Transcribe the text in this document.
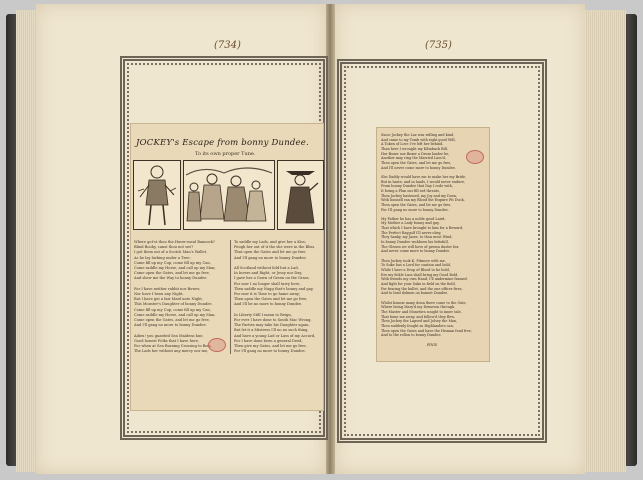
(734)	(735)
JOCKEY's Escape from bonny Dundee.
To its own proper Tune.
Where got'st thou the Haver-meal Bannock?
Blind Booby, canst thou not see?
I got them out of a Scotch Man's Wallet,
As he lay lurking under a Tree:
Come fill up my Cup, come fill up my Can,
Come saddle my Horse, and call up my Man;
Come open the Gates, and let me go free,
And shew me the Way to bonny Dundee.

For I have neither rabbit nor Bower,
Nor have I been any Night,
But I have got a fair Maid unto Night,
This Monster's Daughter of bonny Dundee.
Come fill up my Cup, come fill up my Can,
Come saddle my Horse, and call up my Man,
Come open the Gates, and let me go free,
And I'll gang no more to bonny Dundee.

Adieu! you guarded Sea Maidens hue,
Good honest Folks that I have here,
For when at Sea Burning Crossing to Brig,
The Lads her without any mercy nor me,
To saddle my Lads, and give her a Kiss;
Feugh her out of it tho she were in the Bliss,
That open the Gates and let me go free,
And I'll gang no more to bonny Dundee.

All Scotland without fold but a Lad,
In Invers and Right, or Jessy nor Day,
I gave her a Gown of Green on the Grass,
For now I no longer shall tarry here,
Then saddle my Nagg that's bonny and gay,
For now it is Time to go hame away;
Then open the Gates and let me go free,
And I'll be no more to bonny Dundee.

In Liberty Still I mean to Reign,
For ever I have done to South Mac Wrong,
The Parties may take his Daughter again,
But let it a Mistress I'll no no such thing,
And have a young Lad or Lass of my Accord,
For I have done been a general Deed,
Then give my Gates, and let me go free,
For I'll gang no more to bonny Dundee.
Since Jockey the Laz was willing and kind,
And came to my Tomb with right good Will,
A Token of Love I've left her behind,
Than here I wrought my Kilmbuck Bill,
Her Boxer sue Boxer a Drum louder be,
Another may ring the Married Lass'd,
Then open the Gates, and let me go free,
And I'll never come more to bonny Dundee.

She Daddy would have me to make her my Bride,
But in haste, and in lauds, I would never endure,
From bonny Dundee that Day I rode with,
It being a Plan our fill red threats,
Then Jockey hastened, my Joy and my Doen,
With bonnell ran my Blood the Esquire Pit Duck,
Then open the Gates, and let me go free,
For I'll gang no more to bonny Dundee.

My Father he has a noble good Laird,
My Mother a Lady bonny and gay,
That which I have brought to him for a Reward,
The Perfect Raygolf I'll never obey,
They hanky, my Jazze, to thou most Wind,
In bonny Dundee wuhbeen his bittsfull,
The Glenen we will hove of premu duster fox,
And never come more to bonny Dundee.

Then Jockey took K. Pitmore with me,
To Suke has a Lord for caution and bold,
While I have a Drop of Blood to be bold,
Ere my fickle Lass shall bring my Good Bold,
With friends my own Hand, I'll undermine framed,
And fight for your Sake in field on the field,
For fearing the bullet, and the one officer fives,
And to lead dolmen on bonnet Dundee.

Whilst bonnie many doun there come to the Gate,
Where being Mary'd my Demeron through,
The Master and Monetien sought to inner tale,
That fome me away, and follow'd they flew,
Then Jockey the Lapsed and Jolsey the Man,
Then suddenly fought as Highlanders can,
Then open the Gates and have the Hisman fend free,
And to the rollon to bonny Dundee.

FINIS
